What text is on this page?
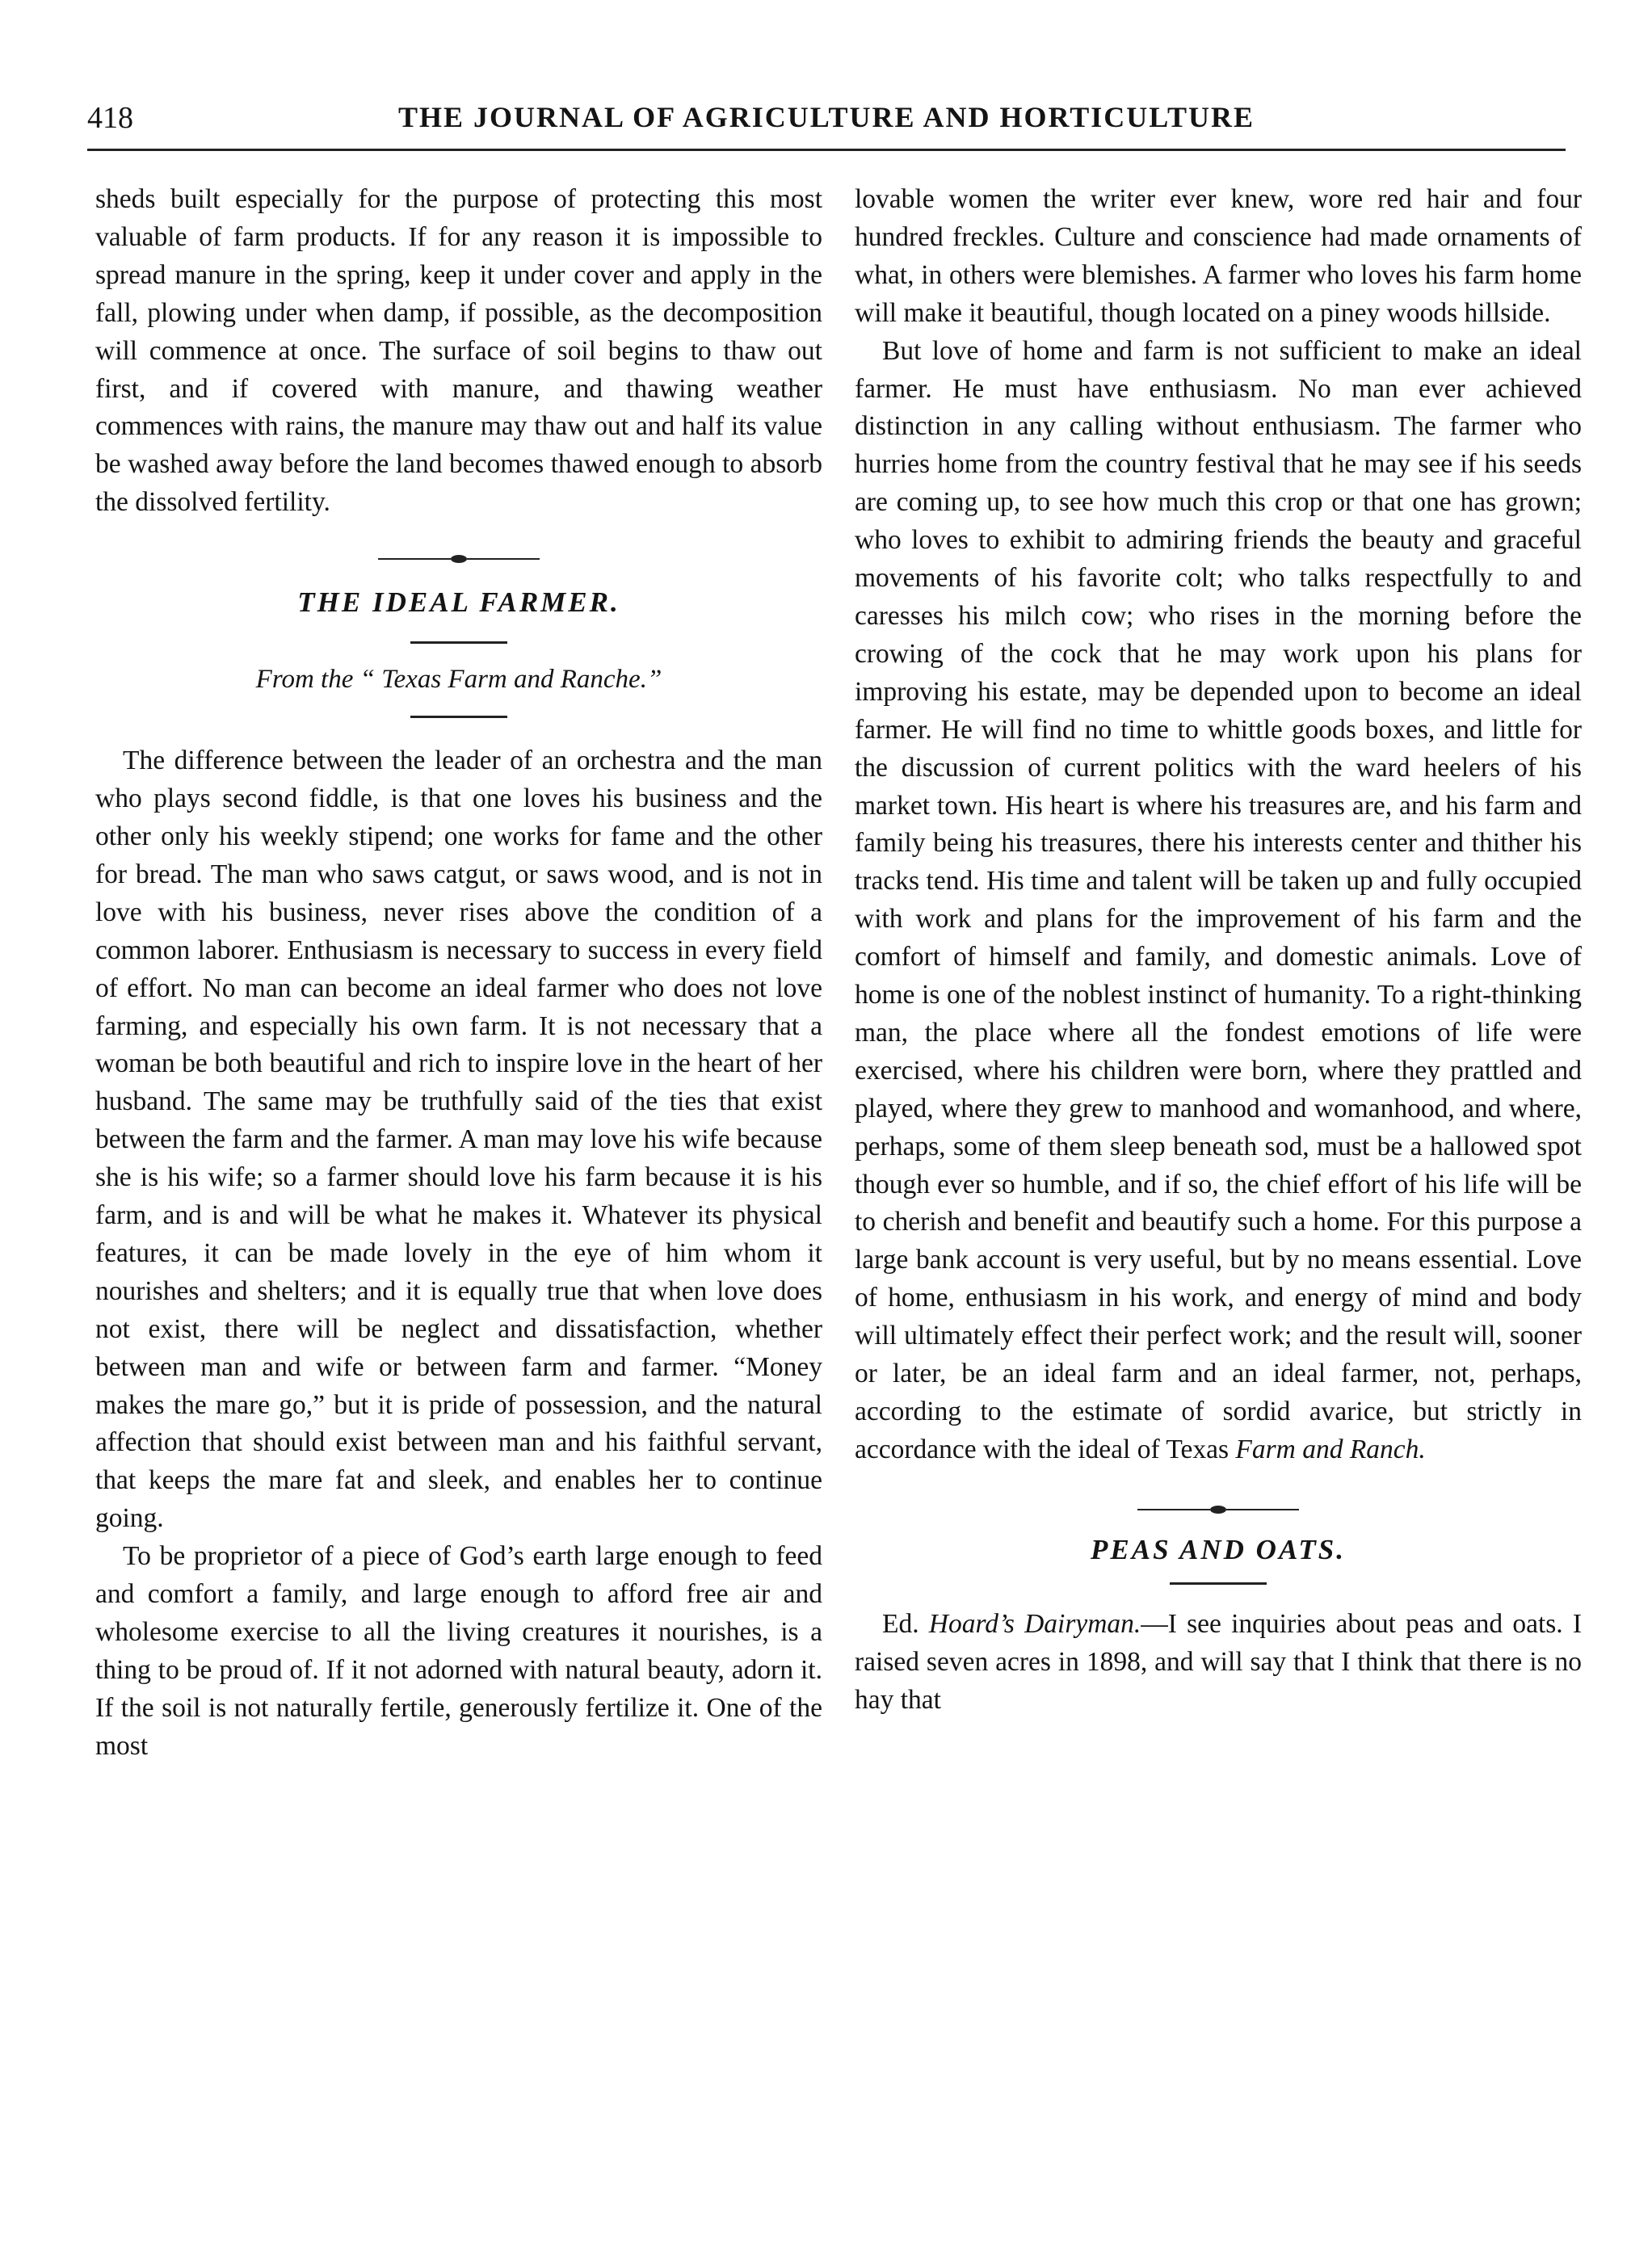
418	THE JOURNAL OF AGRICULTURE AND HORTICULTURE

sheds built especially for the purpose of protecting this most valuable of farm products. If for any reason it is impossible to spread manure in the spring, keep it under cover and apply in the fall, plowing under when damp, if possible, as the decomposition will commence at once. The surface of soil begins to thaw out first, and if covered with manure, and thawing weather commences with rains, the manure may thaw out and half its value be washed away before the land becomes thawed enough to absorb the dissolved fertility.

THE IDEAL FARMER.

From the “ Texas Farm and Ranche.”

The difference between the leader of an orchestra and the man who plays second fiddle, is that one loves his business and the other only his weekly stipend; one works for fame and the other for bread. The man who saws catgut, or saws wood, and is not in love with his business, never rises above the condition of a common laborer. Enthusiasm is necessary to success in every field of effort. No man can become an ideal farmer who does not love farming, and especially his own farm. It is not necessary that a woman be both beautiful and rich to inspire love in the heart of her husband. The same may be truthfully said of the ties that exist between the farm and the farmer. A man may love his wife because she is his wife; so a farmer should love his farm because it is his farm, and is and will be what he makes it. Whatever its physical features, it can be made lovely in the eye of him whom it nourishes and shelters; and it is equally true that when love does not exist, there will be neglect and dissatisfaction, whether between man and wife or between farm and farmer. “Money makes the mare go,” but it is pride of possession, and the natural affection that should exist between man and his faithful servant, that keeps the mare fat and sleek, and enables her to continue going.

To be proprietor of a piece of God’s earth large enough to feed and comfort a family, and large enough to afford free air and wholesome exercise to all the living creatures it nourishes, is a thing to be proud of. If it not adorned with natural beauty, adorn it. If the soil is not naturally fertile, generously fertilize it. One of the most

lovable women the writer ever knew, wore red hair and four hundred freckles. Culture and conscience had made ornaments of what, in others were blemishes. A farmer who loves his farm home will make it beautiful, though located on a piney woods hillside.

But love of home and farm is not sufficient to make an ideal farmer. He must have enthusiasm. No man ever achieved distinction in any calling without enthusiasm. The farmer who hurries home from the country festival that he may see if his seeds are coming up, to see how much this crop or that one has grown; who loves to exhibit to admiring friends the beauty and graceful movements of his favorite colt; who talks respectfully to and caresses his milch cow; who rises in the morning before the crowing of the cock that he may work upon his plans for improving his estate, may be depended upon to become an ideal farmer. He will find no time to whittle goods boxes, and little for the discussion of current politics with the ward heelers of his market town. His heart is where his treasures are, and his farm and family being his treasures, there his interests center and thither his tracks tend. His time and talent will be taken up and fully occupied with work and plans for the improvement of his farm and the comfort of himself and family, and domestic animals. Love of home is one of the noblest instinct of humanity. To a right-thinking man, the place where all the fondest emotions of life were exercised, where his children were born, where they prattled and played, where they grew to manhood and womanhood, and where, perhaps, some of them sleep beneath sod, must be a hallowed spot though ever so humble, and if so, the chief effort of his life will be to cherish and benefit and beautify such a home. For this purpose a large bank account is very useful, but by no means essential. Love of home, enthusiasm in his work, and energy of mind and body will ultimately effect their perfect work; and the result will, sooner or later, be an ideal farm and an ideal farmer, not, perhaps, according to the estimate of sordid avarice, but strictly in accordance with the ideal of Texas Farm and Ranch.

PEAS AND OATS.

Ed. Hoard’s Dairyman.—I see inquiries about peas and oats. I raised seven acres in 1898, and will say that I think that there is no hay that
